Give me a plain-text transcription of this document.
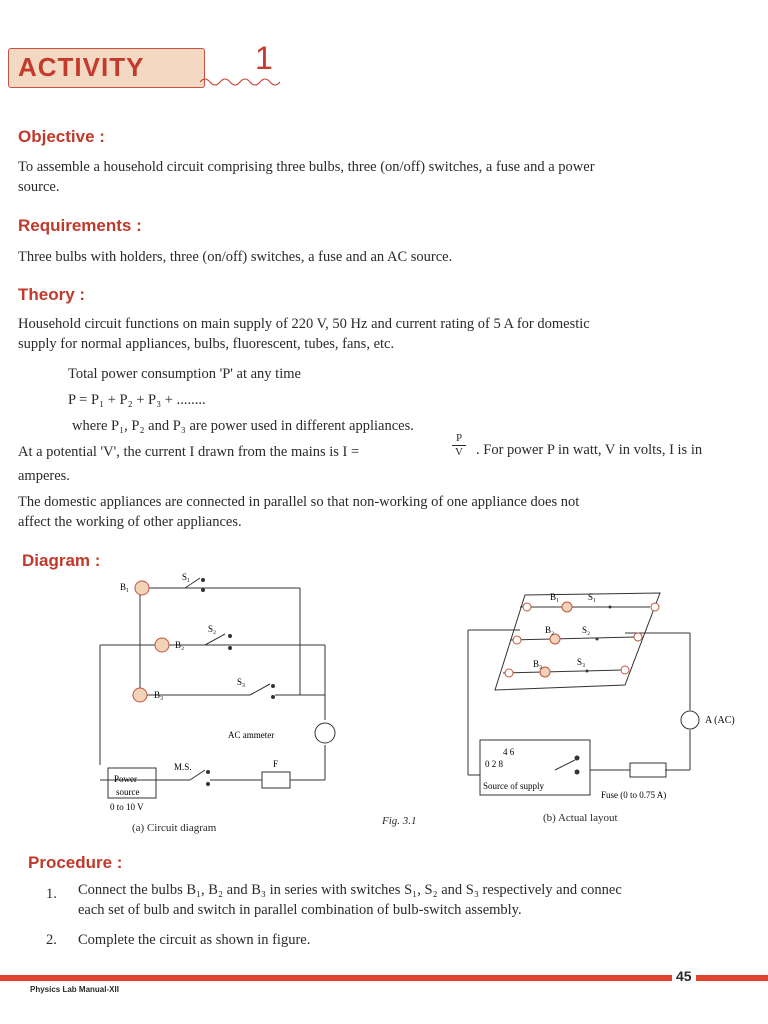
ACTIVITY	1
Objective :
To assemble a household circuit comprising three bulbs, three (on/off) switches, a fuse and a power
source.
Requirements :
Three bulbs with holders, three (on/off) switches, a fuse and an AC source.
Theory :
Household circuit functions on main supply of 220 V, 50 Hz and current rating of 5 A for domestic
supply for normal appliances, bulbs, fluorescent, tubes, fans, etc.
Total power consumption 'P' at any time
P = P₁ + P₂ + P₃ + ........
where P₁, P₂ and P₃ are power used in different appliances.
At a potential 'V', the current I drawn from the mains is I =	$\frac{P}{V}$ . For power P in watt, V in volts, I is in
amperes.
The domestic appliances are connected in parallel so that non-working of one appliance does not
affect the working of other appliances.
Diagram :
B₁
B₂
B₃
S₁
S₂
S₃
AC ammeter
M.S.	F
Power
source
0 to 10 V
(a) Circuit diagram
Fig. 3.1
B₁	S₁
B₂	S₂
B₃	S₃
A (AC)
4 6
0 2 8
Source of supply
Fuse (0 to 0.75 A)
(b) Actual layout
Procedure :
1. Connect the bulbs B₁, B₂ and B₃ in series with switches S₁, S₂ and S₃ respectively and connec
each set of bulb and switch in parallel combination of bulb-switch assembly.
2. Complete the circuit as shown in figure.
45
Physics Lab Manual-XII
